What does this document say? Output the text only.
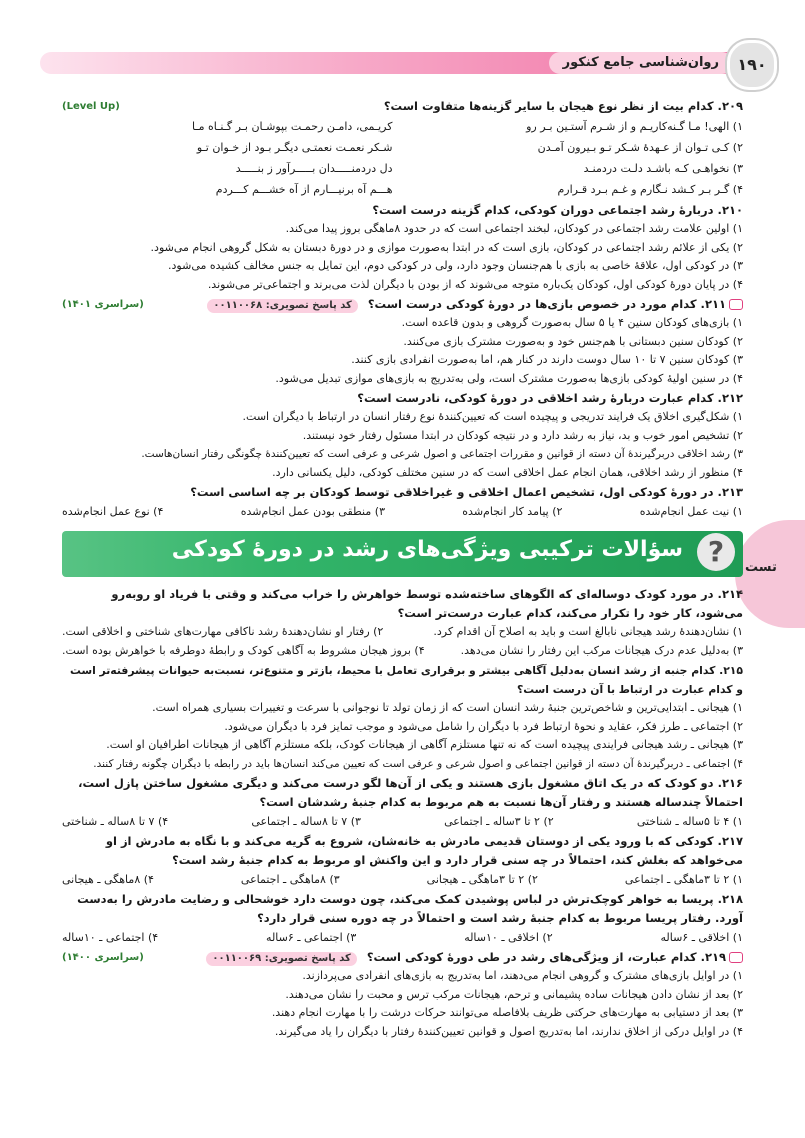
روان‌شناسی جامع کنکور	۱۹۰
تست
(Level Up)	۲۰۹. کدام بیت از نظر نوع هیجان با سایر گزینه‌ها متفاوت است؟
۱) الهی! مـا گـنه‌کاریـم و از شـرم آستـین بـر رو
کریـمی، دامـن رحمـت بپوشـان بـر گـنـاه مـا
۲) کـی تـوان از عـهدهٔ شـکر تـو بـیرون آمـدن
شـکر نعمـت نعمتـی دیگـر بـود از خـوان تـو
۳) نخواهـی کـه باشـد دلـت دردمنـد
دل دردمنـــــدان بـــــرآور ز بنـــــد
۴) گـر بـر کـشد نـگارم و غـم بـرد قـرارم
هـــم آه برنیـــارم از آه خشـــم کـــردم
۲۱۰. دربارهٔ رشد اجتماعی دوران کودکی، کدام گزینه درست است؟
۱) اولین علامت رشد اجتماعی در کودکان، لبخند اجتماعی است که در حدود ۸ماهگی بروز پیدا می‌کند.
۲) یکی از علائم رشد اجتماعی در کودکان، بازی است که در ابتدا به‌صورت موازی و در دورهٔ دبستان به شکل گروهی انجام می‌شود.
۳) در کودکی اول، علاقهٔ خاصی به بازی با هم‌جنسان وجود دارد، ولی در کودکی دوم، این تمایل به جنس مخالف کشیده می‌شود.
۴) در پایان دورهٔ کودکی اول، کودکان یک‌باره متوجه می‌شوند که از بودن با دیگران لذت می‌برند و اجتماعی‌تر می‌شوند.
(سراسری ۱۴۰۱)	۲۱۱. کدام مورد در خصوص بازی‌ها در دورهٔ کودکی درست است؟ کد پاسخ تصویری: ۰۰۱۱۰۰۶۸
۱) بازی‌های کودکان سنین ۴ یا ۵ سال به‌صورت گروهی و بدون قاعده است.
۲) کودکان سنین دبستانی با هم‌جنس خود و به‌صورت مشترک بازی می‌کنند.
۳) کودکان سنین ۷ تا ۱۰ سال دوست دارند در کنار هم، اما به‌صورت انفرادی بازی کنند.
۴) در سنین اولیهٔ کودکی بازی‌ها به‌صورت مشترک است، ولی به‌تدریج به بازی‌های موازی تبدیل می‌شود.
۲۱۲. کدام عبارت دربارهٔ رشد اخلاقی در دورهٔ کودکی، نادرست است؟
۱) شکل‌گیری اخلاق یک فرایند تدریجی و پیچیده است که تعیین‌کنندهٔ نوع رفتار انسان در ارتباط با دیگران است.
۲) تشخیص امور خوب و بد، نیاز به رشد دارد و در نتیجه کودکان در ابتدا مسئول رفتار خود نیستند.
۳) رشد اخلاقی دربرگیرندهٔ آن دسته از قوانین و مقررات اجتماعی و اصول شرعی و عرفی است که تعیین‌کنندهٔ چگونگی رفتار انسان‌هاست.
۴) منظور از رشد اخلاقی، همان انجام عمل اخلاقی است که در سنین مختلف کودکی، دلیل یکسانی دارد.
۲۱۳. در دورهٔ کودکی اول، تشخیص اعمال اخلاقی و غیراخلاقی توسط کودکان بر چه اساسی است؟
۱) نیت عمل انجام‌شده
۲) پیامد کار انجام‌شده
۳) منطقی بودن عمل انجام‌شده
۴) نوع عمل انجام‌شده
?
سؤالات ترکیبی ویژگی‌های رشد در دورهٔ کودکی
۲۱۴. در مورد کودک دوساله‌ای که الگوهای ساخته‌شده توسط خواهرش را خراب می‌کند و وقتی با فریاد او روبه‌رو می‌شود، کار خود را تکرار می‌کند، کدام عبارت درست‌تر است؟
۱) نشان‌دهندهٔ رشد هیجانی نابالغ است و باید به اصلاح آن اقدام کرد.
۲) رفتار او نشان‌دهندهٔ رشد ناکافی مهارت‌های شناختی و اخلاقی است.
۳) به‌دلیل عدم درک هیجانات مرکب این رفتار را نشان می‌دهد.
۴) بروز هیجان مشروط به آگاهی کودک و رابطهٔ دوطرفه با خواهرش بوده است.
۲۱۵. کدام جنبه از رشد انسان به‌دلیل آگاهی بیشتر و برقراری تعامل با محیط، بازتر و متنوع‌تر، نسبت‌به حیوانات پیشرفته‌تر است و کدام عبارت در ارتباط با آن درست است؟
۱) هیجانی ـ ابتدایی‌ترین و شاخص‌ترین جنبهٔ رشد انسان است که از زمان تولد تا نوجوانی با سرعت و تغییرات بسیاری همراه است.
۲) اجتماعی ـ طرز فکر، عقاید و نحوهٔ ارتباط فرد با دیگران را شامل می‌شود و موجب تمایز فرد با دیگران می‌شود.
۳) هیجانی ـ رشد هیجانی فرایندی پیچیده است که نه تنها مستلزم آگاهی از هیجانات کودک، بلکه مستلزم آگاهی از هیجانات اطرافیان او است.
۴) اجتماعی ـ دربرگیرندهٔ آن دسته از قوانین اجتماعی و اصول شرعی و عرفی است که تعیین می‌کند انسان‌ها باید در رابطه با دیگران چگونه رفتار کنند.
۲۱۶. دو کودک که در یک اتاق مشغول بازی هستند و یکی از آن‌ها لگو درست می‌کند و دیگری مشغول ساختن پازل است، احتمالاً چندساله هستند و رفتار آن‌ها نسبت به هم مربوط به کدام جنبهٔ رشدشان است؟
۱) ۴ تا ۵ساله ـ شناختی
۲) ۲ تا ۳ساله ـ اجتماعی
۳) ۷ تا ۸ساله ـ اجتماعی
۴) ۷ تا ۸ساله ـ شناختی
۲۱۷. کودکی که با ورود یکی از دوستان قدیمی مادرش به خانه‌شان، شروع به گریه می‌کند و با نگاه به مادرش از او می‌خواهد که بغلش کند، احتمالاً در چه سنی قرار دارد و این واکنش او مربوط به کدام جنبهٔ رشد است؟
۱) ۲ تا ۳ماهگی ـ اجتماعی
۲) ۲ تا ۳ماهگی ـ هیجانی
۳) ۸ماهگی ـ اجتماعی
۴) ۸ماهگی ـ هیجانی
۲۱۸. پریسا به خواهر کوچک‌ترش در لباس پوشیدن کمک می‌کند، چون دوست دارد خوشحالی و رضایت مادرش را به‌دست آورد. رفتار پریسا مربوط به کدام جنبهٔ رشد است و احتمالاً در چه دوره سنی قرار دارد؟
۱) اخلاقی ـ ۶ساله
۲) اخلاقی ـ ۱۰ساله
۳) اجتماعی ـ ۶ساله
۴) اجتماعی ـ ۱۰ساله
(سراسری ۱۴۰۰)	۲۱۹. کدام عبارت، از ویژگی‌های رشد در طی دورهٔ کودکی است؟ کد پاسخ تصویری: ۰۰۱۱۰۰۶۹
۱) در اوایل بازی‌های مشترک و گروهی انجام می‌دهند، اما به‌تدریج به بازی‌های انفرادی می‌پردازند.
۲) بعد از نشان دادن هیجانات ساده پشیمانی و ترحم، هیجانات مرکب ترس و محبت را نشان می‌دهند.
۳) بعد از دستیابی به مهارت‌های حرکتی ظریف بلافاصله می‌توانند حرکات درشت را با مهارت انجام دهند.
۴) در اوایل درکی از اخلاق ندارند، اما به‌تدریج اصول و قوانین تعیین‌کنندهٔ رفتار با دیگران را یاد می‌گیرند.
